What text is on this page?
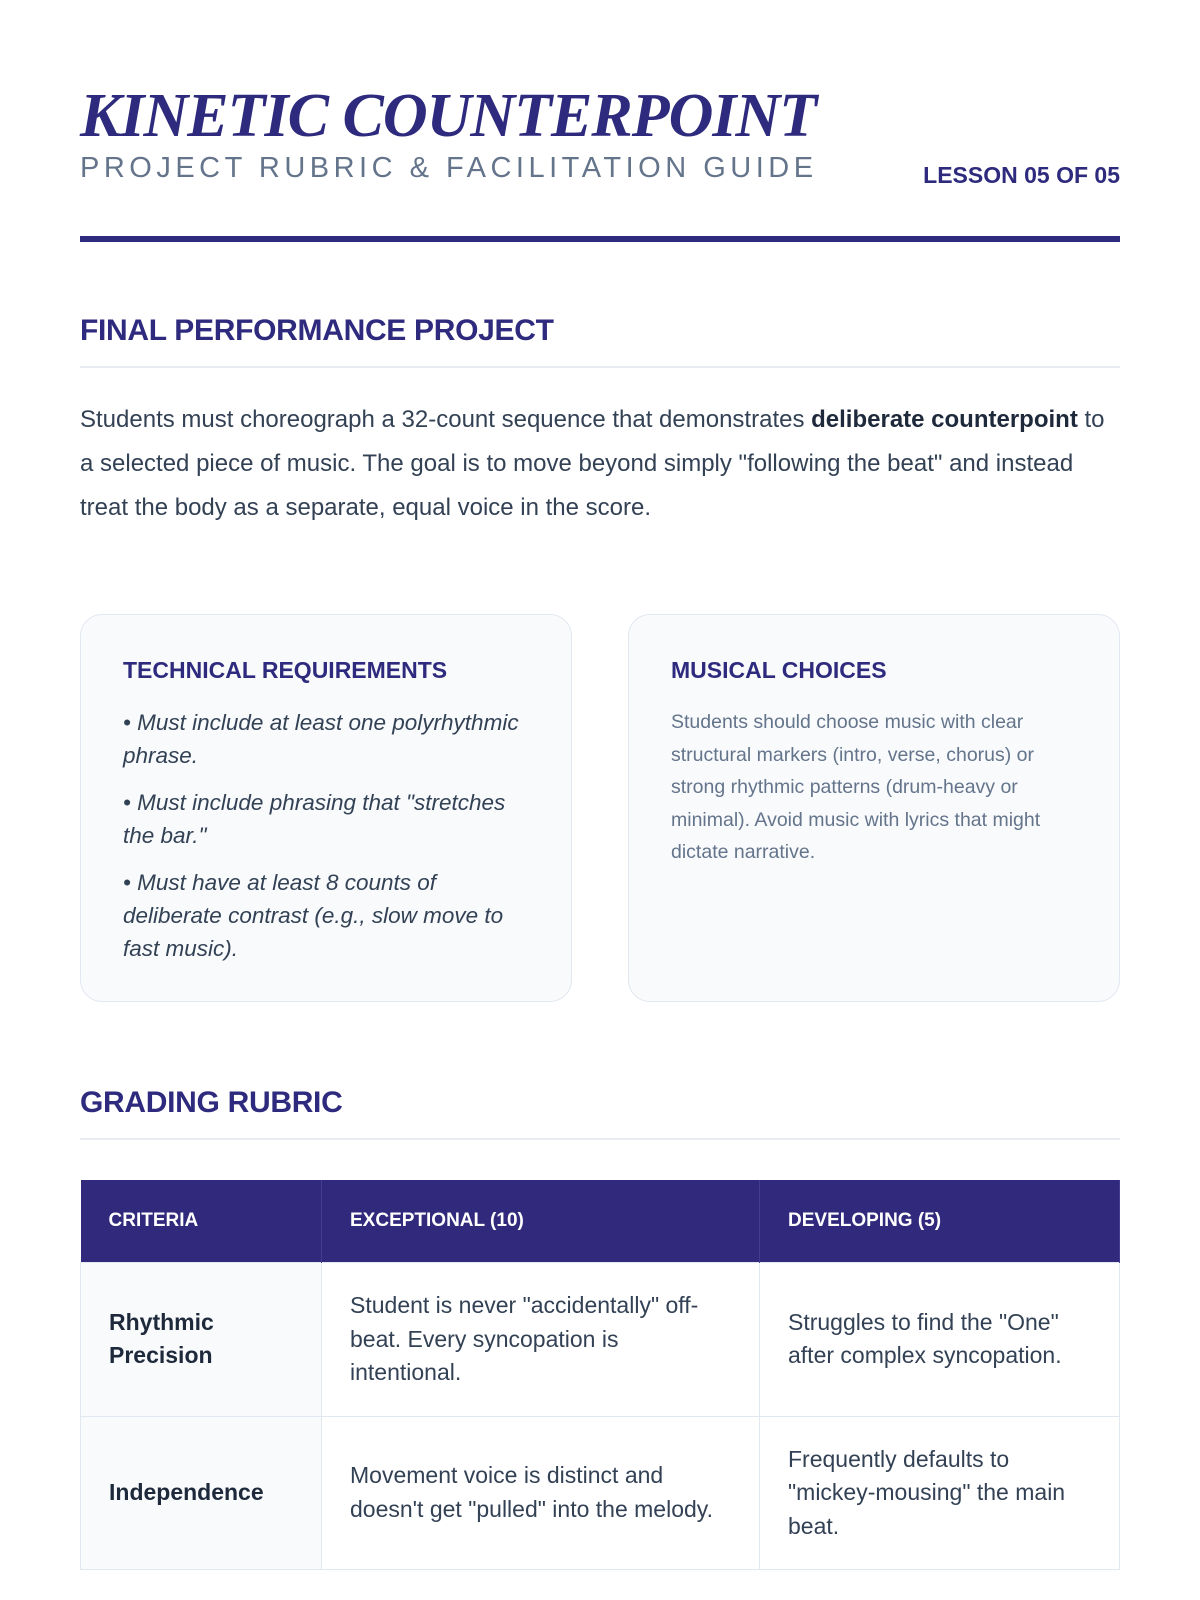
KINETIC COUNTERPOINT
PROJECT RUBRIC & FACILITATION GUIDE	LESSON 05 OF 05
FINAL PERFORMANCE PROJECT

Students must choreograph a 32-count sequence that demonstrates deliberate counterpoint to a selected piece of music. The goal is to move beyond simply "following the beat" and instead treat the body as a separate, equal voice in the score.

TECHNICAL REQUIREMENTS

• Must include at least one polyrhythmic phrase.

• Must include phrasing that "stretches the bar."

• Must have at least 8 counts of deliberate contrast (e.g., slow move to fast music).

MUSICAL CHOICES

Students should choose music with clear structural markers (intro, verse, chorus) or strong rhythmic patterns (drum-heavy or minimal). Avoid music with lyrics that might dictate narrative.

GRADING RUBRIC
CRITERIA	EXCEPTIONAL (10)	DEVELOPING (5)
Rhythmic Precision	Student is never "accidentally" off-beat. Every syncopation is intentional.	Struggles to find the "One" after complex syncopation.
Independence	Movement voice is distinct and doesn't get "pulled" into the melody.	Frequently defaults to "mickey-mousing" the main beat.
